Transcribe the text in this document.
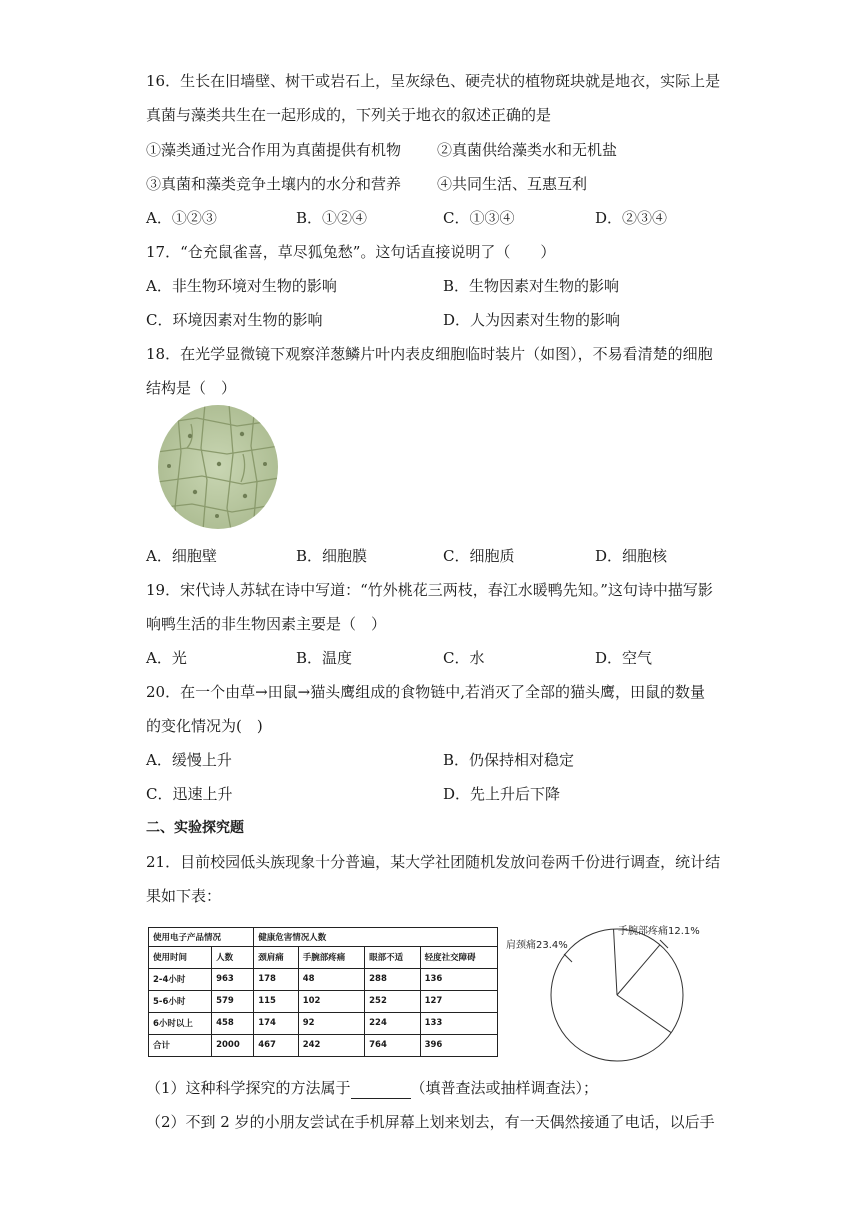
16．生长在旧墙壁、树干或岩石上，呈灰绿色、硬壳状的植物斑块就是地衣，实际上是
真菌与藻类共生在一起形成的，下列关于地衣的叙述正确的是
①藻类通过光合作用为真菌提供有机物 ②真菌供给藻类水和无机盐
③真菌和藻类竞争土壤内的水分和营养 ④共同生活、互惠互利
A．①②③	B．①②④	C．①③④	D．②③④
17．“仓充鼠雀喜，草尽狐兔愁”。这句话直接说明了（　　）
A．非生物环境对生物的影响	B．生物因素对生物的影响
C．环境因素对生物的影响	D．人为因素对生物的影响
18．在光学显微镜下观察洋葱鳞片叶内表皮细胞临时装片（如图），不易看清楚的细胞
结构是（　）
A．细胞壁	B．细胞膜	C．细胞质	D．细胞核
19．宋代诗人苏轼在诗中写道：“竹外桃花三两枝，春江水暖鸭先知。”这句诗中描写影
响鸭生活的非生物因素主要是（　）
A．光	B．温度	C．水	D．空气
20．在一个由草→田鼠→猫头鹰组成的食物链中,若消灭了全部的猫头鹰，田鼠的数量
的变化情况为(　)
A．缓慢上升	B．仍保持相对稳定
C．迅速上升	D．先上升后下降
二、实验探究题
21．目前校园低头族现象十分普遍，某大学社团随机发放问卷两千份进行调查，统计结
果如下表：
使用电子产品情况		健康危害情况人数			
使用时间	人数	颈肩痛	手腕部疼痛	眼部不适	轻度社交障碍
2-4小时	963	178	48	288	136
5-6小时	579	115	102	252	127
6小时以上	458	174	92	224	133
合计	2000	467	242	764	396
手腕部疼痛12.1%
肩颈痛23.4%
（1）这种科学探究的方法属于	（填普查法或抽样调查法）；
（2）不到 2 岁的小朋友尝试在手机屏幕上划来划去，有一天偶然接通了电话，以后手
